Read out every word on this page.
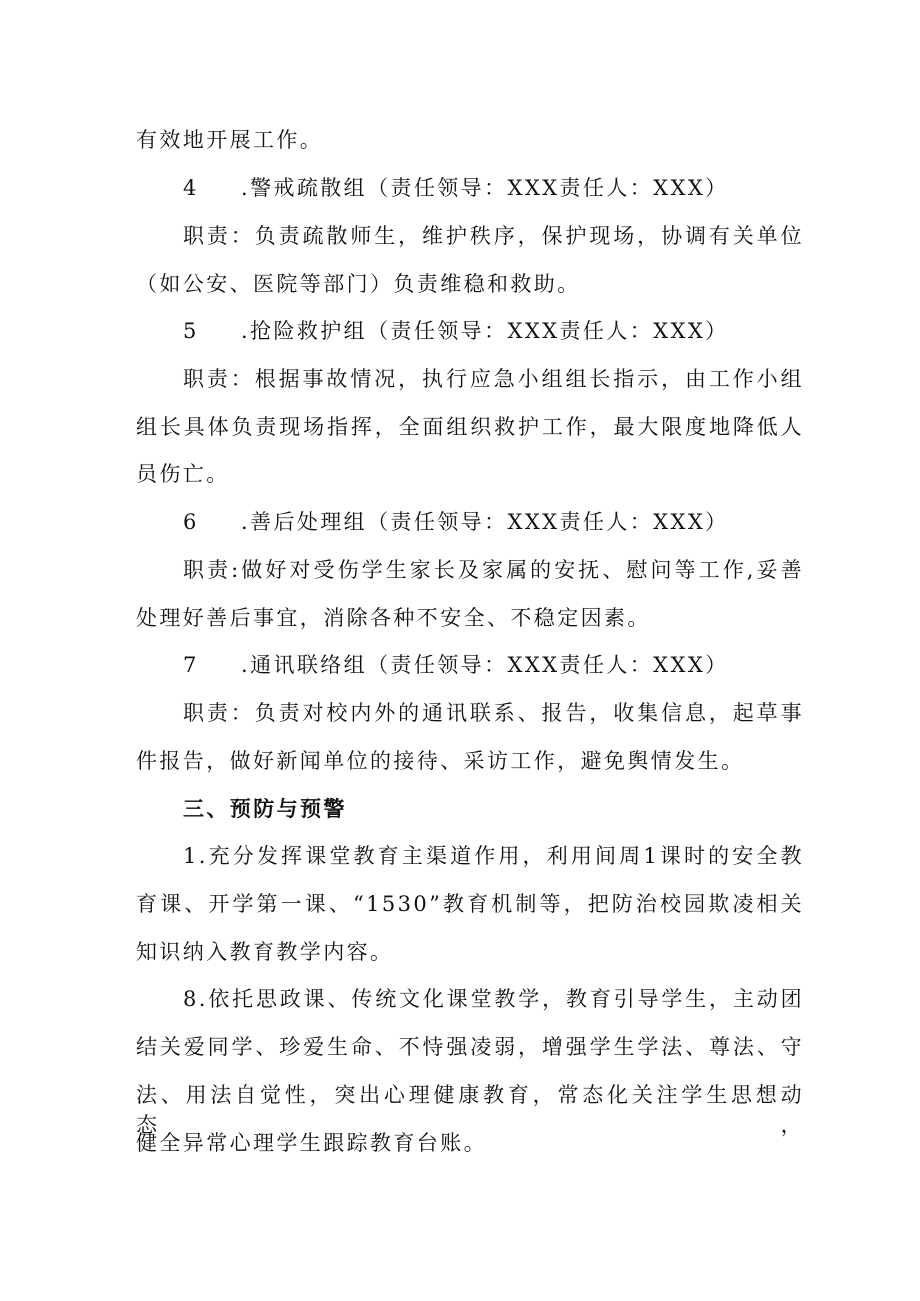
有效地开展工作。
4 .警戒疏散组（责任领导：XXX责任人：XXX）
职责：负责疏散师生，维护秩序，保护现场，协调有关单位
（如公安、医院等部门）负责维稳和救助。
5 .抢险救护组（责任领导：XXX责任人：XXX）
职责：根据事故情况，执行应急小组组长指示，由工作小组
组长具体负责现场指挥，全面组织救护工作，最大限度地降低人
员伤亡。
6 .善后处理组（责任领导：XXX责任人：XXX）
职责:做好对受伤学生家长及家属的安抚、慰问等工作,妥善
处理好善后事宜，消除各种不安全、不稳定因素。
7 .通讯联络组（责任领导：XXX责任人：XXX）
职责：负责对校内外的通讯联系、报告，收集信息，起草事
件报告，做好新闻单位的接待、采访工作，避免舆情发生。
三、预防与预警
1.充分发挥课堂教育主渠道作用，利用间周1课时的安全教
育课、开学第一课、“1530”教育机制等，把防治校园欺凌相关
知识纳入教育教学内容。
8.依托思政课、传统文化课堂教学，教育引导学生，主动团
结关爱同学、珍爱生命、不恃强凌弱，增强学生学法、尊法、守
法、用法自觉性，突出心理健康教育，常态化关注学生思想动态，
健全异常心理学生跟踪教育台账。
